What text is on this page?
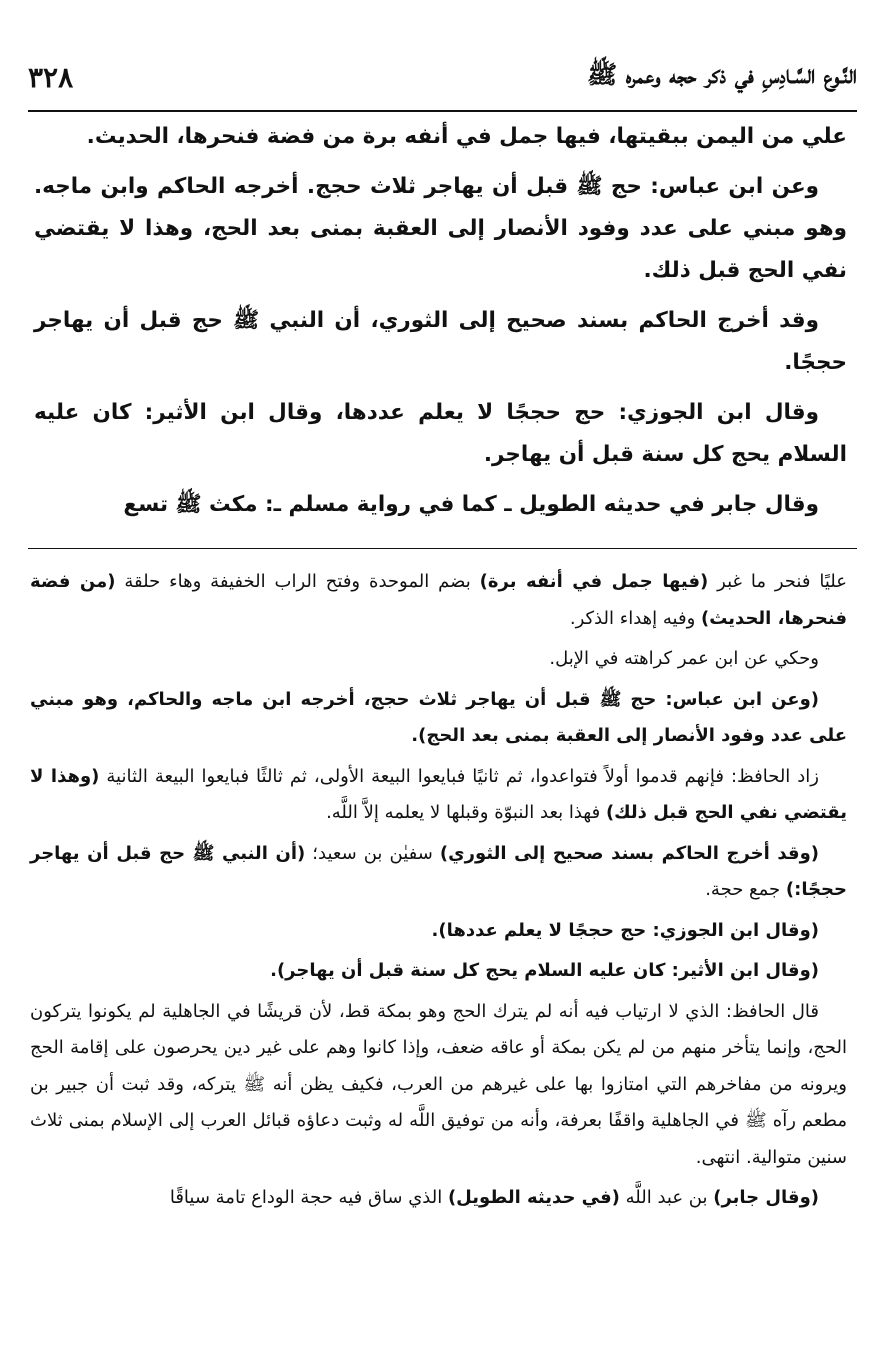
النَّـوع السَّـادِسِ في ذكر حجه وعمره ﷺ
٣٢٨

علي من اليمن ببقيتها، فيها جمل في أنفه برة من فضة فنحرها، الحديث.

وعن ابن عباس: حج ﷺ قبل أن يهاجر ثلاث حجج. أخرجه الحاكم وابن ماجه. وهو مبني على عدد وفود الأنصار إلى العقبة بمنى بعد الحج، وهذا لا يقتضي نفي الحج قبل ذلك.

وقد أخرج الحاكم بسند صحيح إلى الثوري، أن النبي ﷺ حج قبل أن يهاجر حججًا.

وقال ابن الجوزي: حج حججًا لا يعلم عددها، وقال ابن الأثير: كان عليه السلام يحج كل سنة قبل أن يهاجر.

وقال جابر في حديثه الطويل ـ كما في رواية مسلم ـ: مكث ﷺ تسع

عليًا فنحر ما غبر (فيها جمل في أنفه برة) بضم الموحدة وفتح الراب الخفيفة وهاء حلقة (من فضة فنحرها، الحديث) وفيه إهداء الذكر.

وحكي عن ابن عمر كراهته في الإبل.

(وعن ابن عباس: حج ﷺ قبل أن يهاجر ثلاث حجج، أخرجه ابن ماجه والحاكم، وهو مبني على عدد وفود الأنصار إلى العقبة بمنى بعد الحج).

زاد الحافظ: فإنهم قدموا أولاً فتواعدوا، ثم ثانيًا فبايعوا البيعة الأولى، ثم ثالثًا فبايعوا البيعة الثانية (وهذا لا يقتضي نفي الحج قبل ذلك) فهذا بعد النبوّة وقبلها لا يعلمه إلاَّ اللَّه.

(وقد أخرج الحاكم بسند صحيح إلى الثوري) سفيٰن بن سعيد؛ (أن النبي ﷺ حج قبل أن يهاجر حججًا:) جمع حجة.

(وقال ابن الجوزي: حج حججًا لا يعلم عددها).

(وقال ابن الأثير: كان عليه السلام يحج كل سنة قبل أن يهاجر).

قال الحافظ: الذي لا ارتياب فيه أنه لم يترك الحج وهو بمكة قط، لأن قريشًا في الجاهلية لم يكونوا يتركون الحج، وإنما يتأخر منهم من لم يكن بمكة أو عاقه ضعف، وإذا كانوا وهم على غير دين يحرصون على إقامة الحج ويرونه من مفاخرهم التي امتازوا بها على غيرهم من العرب، فكيف يظن أنه ﷺ يتركه، وقد ثبت أن جبير بن مطعم رآه ﷺ في الجاهلية واقفًا بعرفة، وأنه من توفيق اللَّه له وثبت دعاؤه قبائل العرب إلى الإسلام بمنى ثلاث سنين متوالية. انتهى.

(وقال جابر) بن عبد اللَّه (في حديثه الطويل) الذي ساق فيه حجة الوداع تامة سياقًا
